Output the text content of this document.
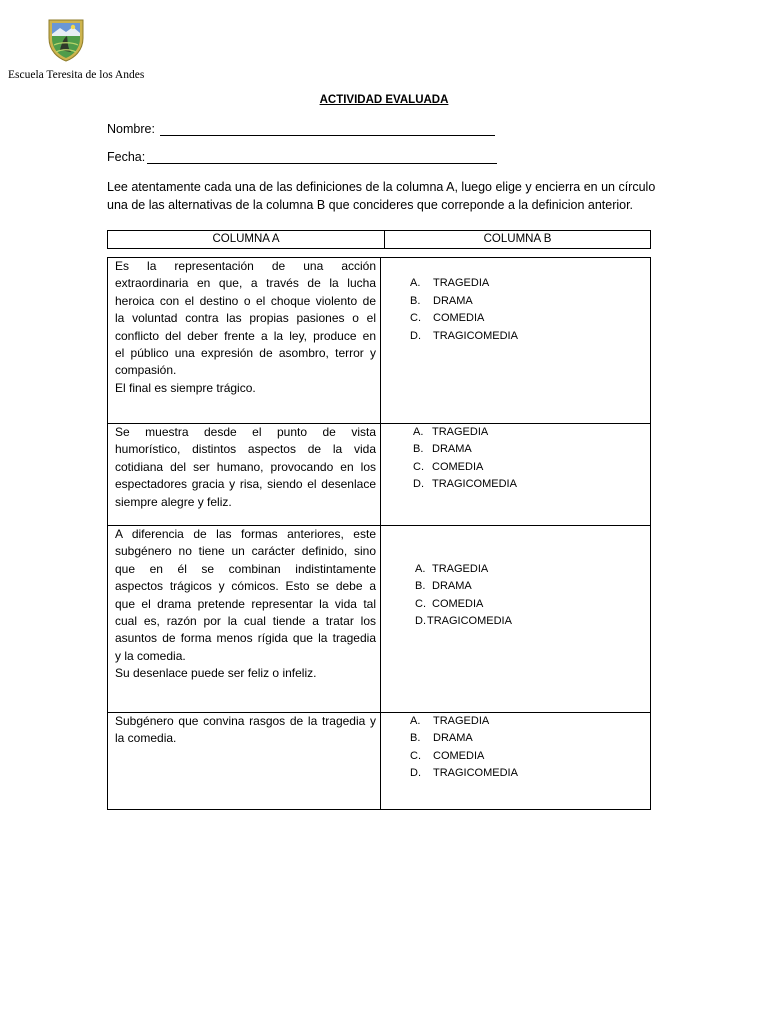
Escuela Teresita de los Andes
ACTIVIDAD EVALUADA
Nombre:
Fecha:
Lee atentamente cada una de las definiciones de la columna A, luego elige y encierra en un círculo
una de las alternativas de la columna B que concideres que correponde a la definicion anterior.
COLUMNA A	COLUMNA B
Es la representación de una acción
extraordinaria en que, a través de la lucha
heroica con el destino o el choque violento de
la voluntad contra las propias pasiones o el
conflicto del deber frente a la ley, produce en
el público una expresión de asombro, terror y
compasión.
El final es siempre trágico.
A. TRAGEDIA
B. DRAMA
C. COMEDIA
D. TRAGICOMEDIA
Se muestra desde el punto de vista
humorístico, distintos aspectos de la vida
cotidiana del ser humano, provocando en los
espectadores gracia y risa, siendo el desenlace
siempre alegre y feliz.
A. TRAGEDIA
B. DRAMA
C. COMEDIA
D. TRAGICOMEDIA
A diferencia de las formas anteriores, este
subgénero no tiene un carácter definido, sino
que en él se combinan indistintamente
aspectos trágicos y cómicos. Esto se debe a
que el drama pretende representar la vida tal
cual es, razón por la cual tiende a tratar los
asuntos de forma menos rígida que la tragedia
y la comedia.
Su desenlace puede ser feliz o infeliz.
A. TRAGEDIA
B. DRAMA
C. COMEDIA
D. TRAGICOMEDIA
Subgénero que convina rasgos de la tragedia y
la comedia.
A. TRAGEDIA
B. DRAMA
C. COMEDIA
D. TRAGICOMEDIA
